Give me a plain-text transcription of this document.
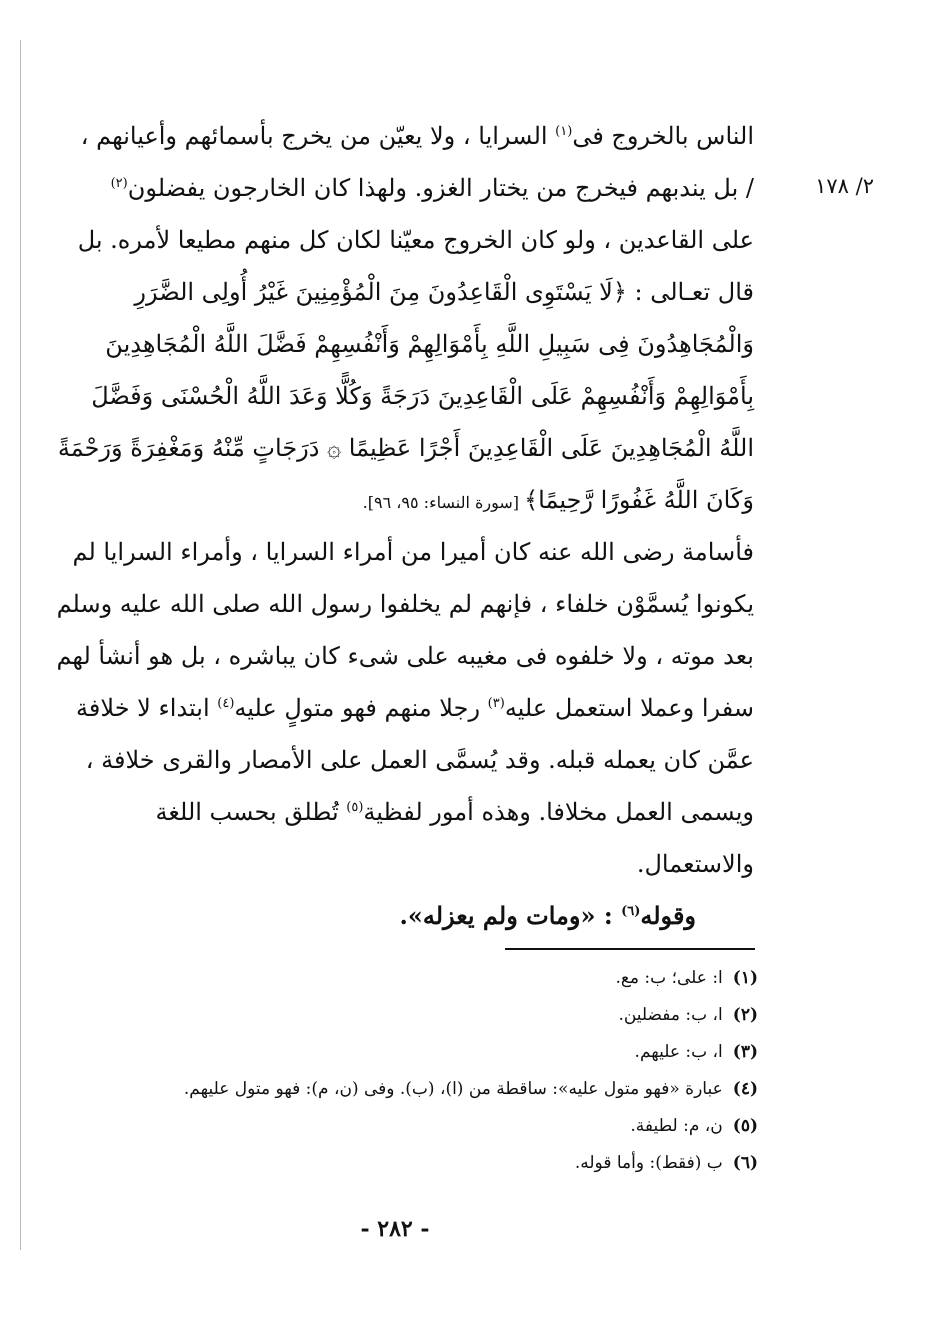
٢/ ١٧٨
الناس بالخروج فى$^{(١)}$ السرايا ، ولا يعيّن من يخرج بأسمائهم وأعيانهم ،
/ بل يندبهم فيخرج من يختار الغزو. ولهذا كان الخارجون يفضلون$^{(٢)}$
على القاعدين ، ولو كان الخروج معيّنا لكان كل منهم مطيعا لأمره. بل
قال تعـالى : ﴿لَا يَسْتَوِى الْقَاعِدُونَ مِنَ الْمُؤْمِنِينَ غَيْرُ أُولِى الضَّرَرِ
وَالْمُجَاهِدُونَ فِى سَبِيلِ اللَّهِ بِأَمْوَالِهِمْ وَأَنْفُسِهِمْ فَضَّلَ اللَّهُ الْمُجَاهِدِينَ
بِأَمْوَالِهِمْ وَأَنْفُسِهِمْ عَلَى الْقَاعِدِينَ دَرَجَةً وَكُلًّا وَعَدَ اللَّهُ الْحُسْنَى وَفَضَّلَ
اللَّهُ الْمُجَاهِدِينَ عَلَى الْقَاعِدِينَ أَجْرًا عَظِيمًا ۞ دَرَجَاتٍ مِّنْهُ وَمَغْفِرَةً وَرَحْمَةً
وَكَانَ اللَّهُ غَفُورًا رَّحِيمًا﴾ [سورة النساء: ٩٥، ٩٦].
فأسامة رضى الله عنه كان أميرا من أمراء السرايا ، وأمراء السرايا لم
يكونوا يُسمَّوْن خلفاء ، فإنهم لم يخلفوا رسول الله صلى الله عليه وسلم
بعد موته ، ولا خلفوه فى مغيبه على شىء كان يباشره ، بل هو أنشأ لهم
سفرا وعملا استعمل عليه$^{(٣)}$ رجلا منهم فهو متولٍ عليه$^{(٤)}$ ابتداء لا خلافة
عمَّن كان يعمله قبله. وقد يُسمَّى العمل على الأمصار والقرى خلافة ،
ويسمى العمل مخلافا. وهذه أمور لفظية$^{(٥)}$ تُطلق بحسب اللغة
والاستعمال.
وقوله$^{(٦)}$ : «ومات ولم يعزله».
(١)ا: على؛ ب: مع.
(٢)ا، ب: مفضلين.
(٣)ا، ب: عليهم.
(٤)عبارة «فهو متول عليه»: ساقطة من (ا)، (ب). وفى (ن، م): فهو متول عليهم.
(٥)ن، م: لطيفة.
(٦)ب (فقط): وأما قوله.
- ٢٨٢ -
